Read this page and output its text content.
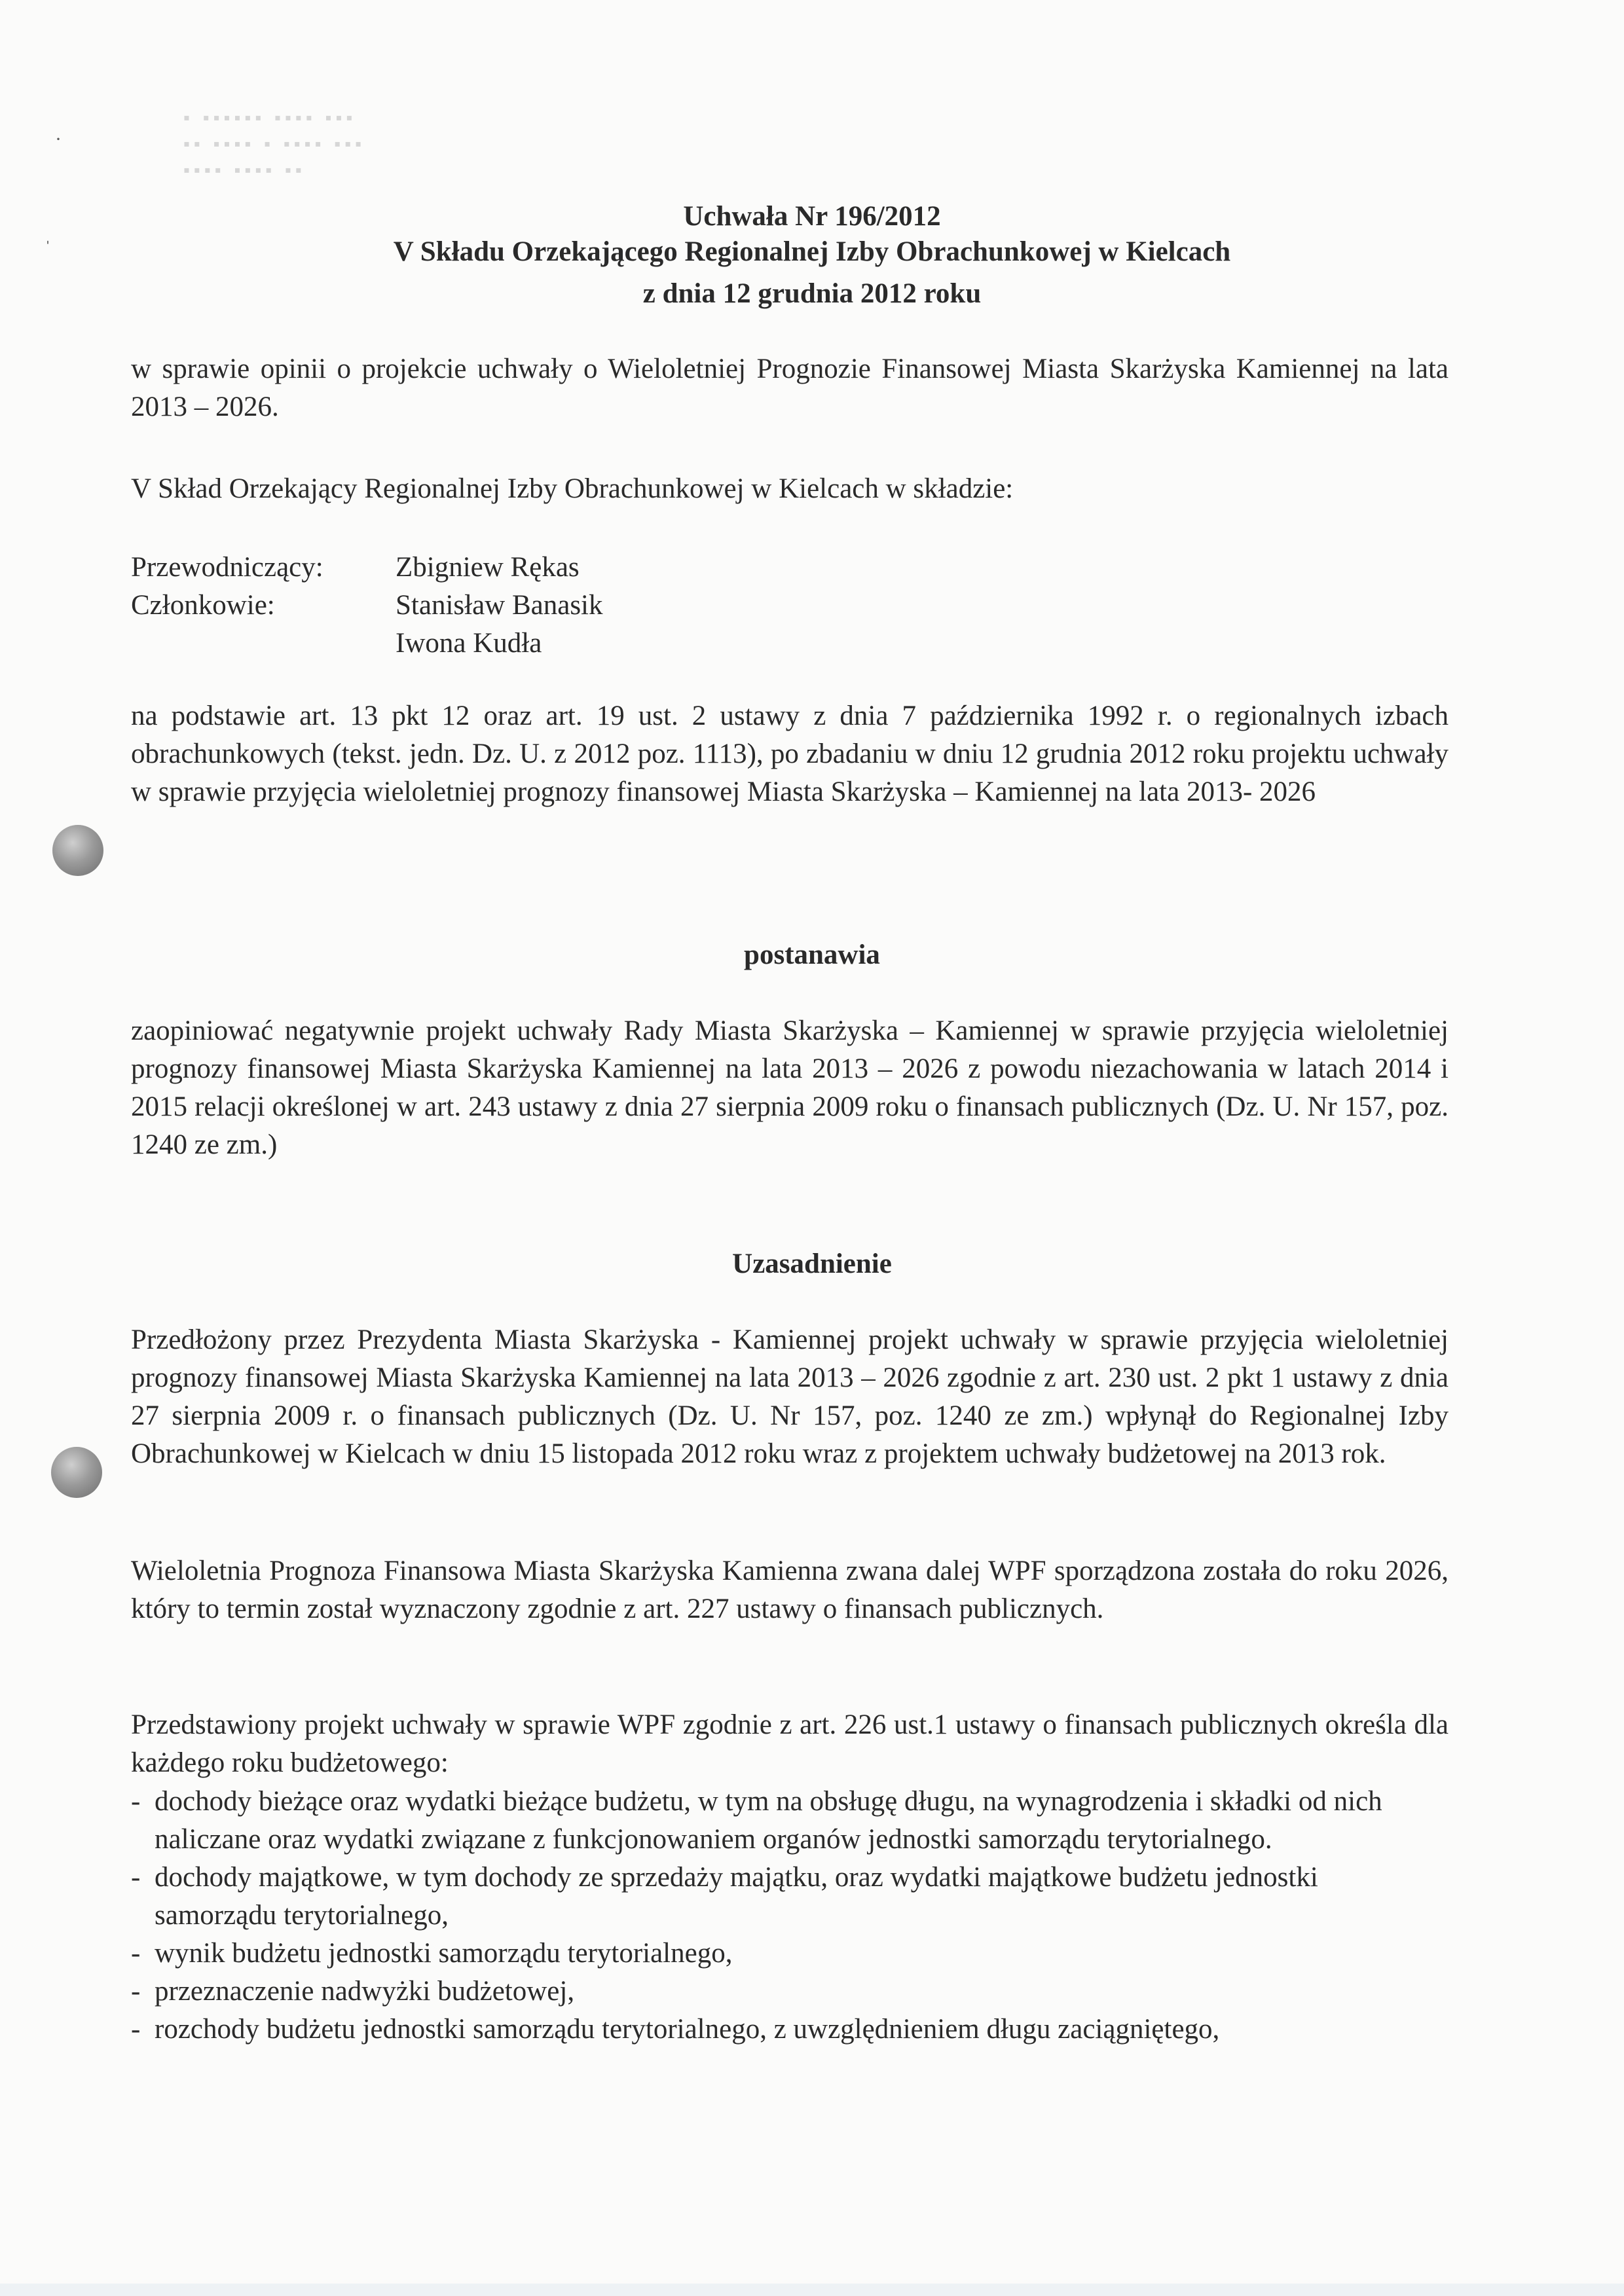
▪ ▪▪▪▪▪▪ ▪▪▪▪ ▪▪▪
▪▪ ▪▪▪▪ ▪ ▪▪▪▪ ▪▪▪
▪▪▪▪ ▪▪▪▪ ▪▪
·
ˌ
Uchwała Nr 196/2012
V Składu Orzekającego Regionalnej Izby Obrachunkowej w Kielcach
z dnia 12 grudnia 2012 roku
w sprawie opinii o projekcie uchwały o Wieloletniej Prognozie Finansowej Miasta Skarżyska Kamiennej na lata 2013 – 2026.
V Skład Orzekający Regionalnej Izby Obrachunkowej w Kielcach w składzie:
Przewodniczący:	Zbigniew Rękas
Członkowie:	Stanisław Banasik
Iwona Kudła
na podstawie art. 13 pkt 12 oraz art. 19 ust. 2 ustawy z dnia 7 października 1992 r. o regionalnych izbach obrachunkowych (tekst. jedn. Dz. U. z 2012 poz. 1113), po zbadaniu w dniu 12 grudnia 2012 roku projektu uchwały w sprawie przyjęcia wieloletniej prognozy finansowej Miasta Skarżyska – Kamiennej na lata 2013- 2026
postanawia
zaopiniować negatywnie projekt uchwały Rady Miasta Skarżyska – Kamiennej w sprawie przyjęcia wieloletniej prognozy finansowej Miasta Skarżyska Kamiennej na lata 2013 – 2026 z powodu niezachowania w latach 2014 i 2015 relacji określonej w art. 243 ustawy z dnia 27 sierpnia 2009 roku o finansach publicznych (Dz. U. Nr 157, poz. 1240 ze zm.)
Uzasadnienie
Przedłożony przez Prezydenta Miasta Skarżyska - Kamiennej projekt uchwały w sprawie przyjęcia wieloletniej prognozy finansowej Miasta Skarżyska Kamiennej na lata 2013 – 2026 zgodnie z art. 230 ust. 2 pkt 1 ustawy z dnia 27 sierpnia 2009 r. o finansach publicznych (Dz. U. Nr 157, poz. 1240 ze zm.) wpłynął do Regionalnej Izby Obrachunkowej w Kielcach w dniu 15 listopada 2012 roku wraz z projektem uchwały budżetowej na 2013 rok.
Wieloletnia Prognoza Finansowa Miasta Skarżyska Kamienna zwana dalej WPF sporządzona została do roku 2026, który to termin został wyznaczony zgodnie z art. 227 ustawy o finansach publicznych.
Przedstawiony projekt uchwały w sprawie WPF zgodnie z art. 226 ust.1 ustawy o finansach publicznych określa dla każdego roku budżetowego:
- dochody bieżące oraz wydatki bieżące budżetu, w tym na obsługę długu, na wynagrodzenia i składki od nich naliczane oraz wydatki związane z funkcjonowaniem organów jednostki samorządu terytorialnego.
- dochody majątkowe, w tym dochody ze sprzedaży majątku, oraz wydatki majątkowe budżetu jednostki samorządu terytorialnego,
- wynik budżetu jednostki samorządu terytorialnego,
- przeznaczenie nadwyżki budżetowej,
- rozchody budżetu jednostki samorządu terytorialnego, z uwzględnieniem długu zaciągniętego,
